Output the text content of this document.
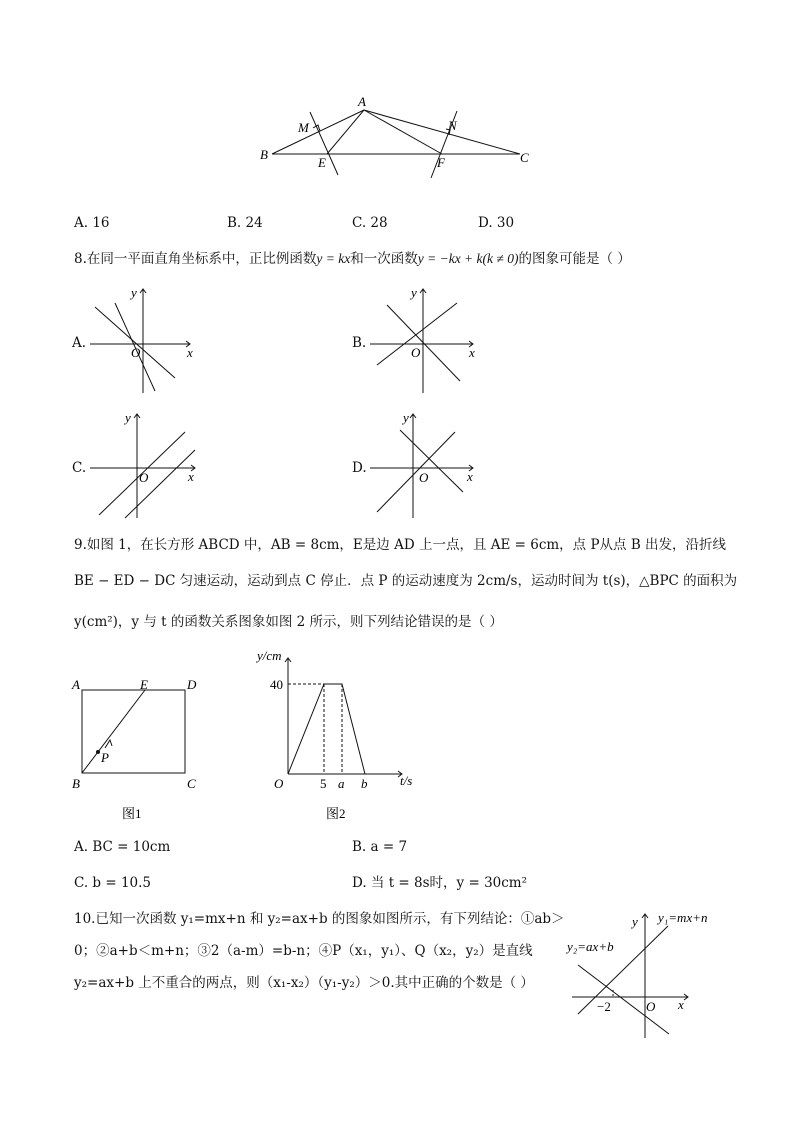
A
M	N
B
E	F	C
A. 16	B. 24	C. 28	D. 30
8.在同一平面直角坐标系中，正比例函数y = kx和一次函数y = −kx + k(k ≠ 0)的图象可能是（ ）
A.
y
x
O
B.
y
x
O
C.
y
x
O
D.
y
x
O
9.如图 1，在长方形 ABCD 中，AB = 8cm，E是边 AD 上一点，且 AE = 6cm，点 P从点 B 出发，沿折线
BE − ED − DC 匀速运动，运动到点 C 停止．点 P 的运动速度为 2cm/s，运动时间为 t(s)，△BPC 的面积为
y(cm²)，y 与 t 的函数关系图象如图 2 所示，则下列结论错误的是（ ）
A	E	D
P
B	C
图1
y/cm
40
O	5 a b	t/s
图2
A. BC = 10cm	B. a = 7
C. b = 10.5	D. 当 t = 8s时，y = 30cm²
10.已知一次函数 y₁=mx+n 和 y₂=ax+b 的图象如图所示，有下列结论：①ab＞
0；②a+b＜m+n；③2（a-m）=b-n；④P（x₁，y₁）、Q（x₂，y₂）是直线
y₂=ax+b 上不重合的两点，则（x₁-x₂）（y₁-y₂）＞0.其中正确的个数是（ ）
y y₁=mx+n
y₂=ax+b
−2	O x
